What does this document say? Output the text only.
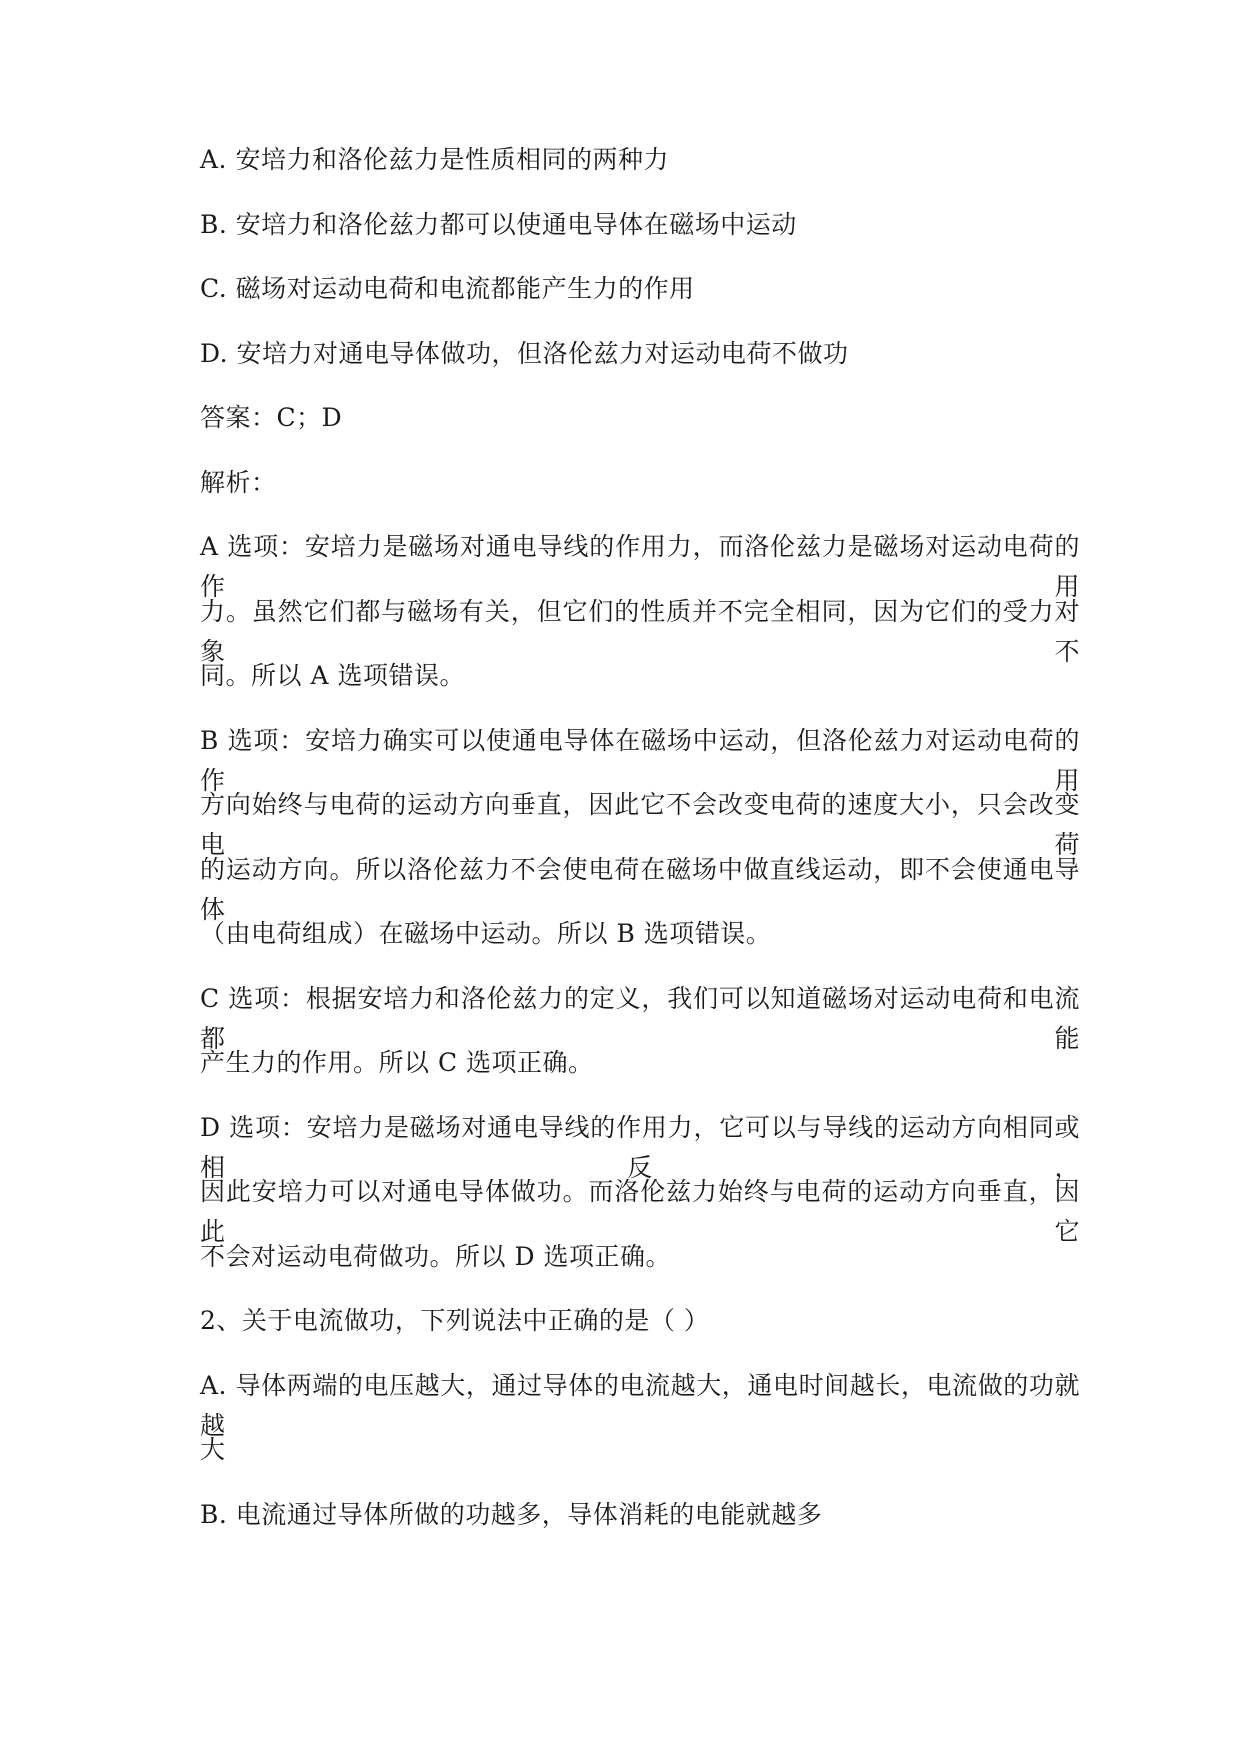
A. 安培力和洛伦兹力是性质相同的两种力
B. 安培力和洛伦兹力都可以使通电导体在磁场中运动
C. 磁场对运动电荷和电流都能产生力的作用
D. 安培力对通电导体做功，但洛伦兹力对运动电荷不做功
答案：C；D
解析：
A 选项：安培力是磁场对通电导线的作用力，而洛伦兹力是磁场对运动电荷的作用
力。虽然它们都与磁场有关，但它们的性质并不完全相同，因为它们的受力对象不
同。所以 A 选项错误。
B 选项：安培力确实可以使通电导体在磁场中运动，但洛伦兹力对运动电荷的作用
方向始终与电荷的运动方向垂直，因此它不会改变电荷的速度大小，只会改变电荷
的运动方向。所以洛伦兹力不会使电荷在磁场中做直线运动，即不会使通电导体
（由电荷组成）在磁场中运动。所以 B 选项错误。
C 选项：根据安培力和洛伦兹力的定义，我们可以知道磁场对运动电荷和电流都能
产生力的作用。所以 C 选项正确。
D 选项：安培力是磁场对通电导线的作用力，它可以与导线的运动方向相同或相反，
因此安培力可以对通电导体做功。而洛伦兹力始终与电荷的运动方向垂直，因此它
不会对运动电荷做功。所以 D 选项正确。
2、关于电流做功，下列说法中正确的是（ ）
A. 导体两端的电压越大，通过导体的电流越大，通电时间越长，电流做的功就越
大
B. 电流通过导体所做的功越多，导体消耗的电能就越多
